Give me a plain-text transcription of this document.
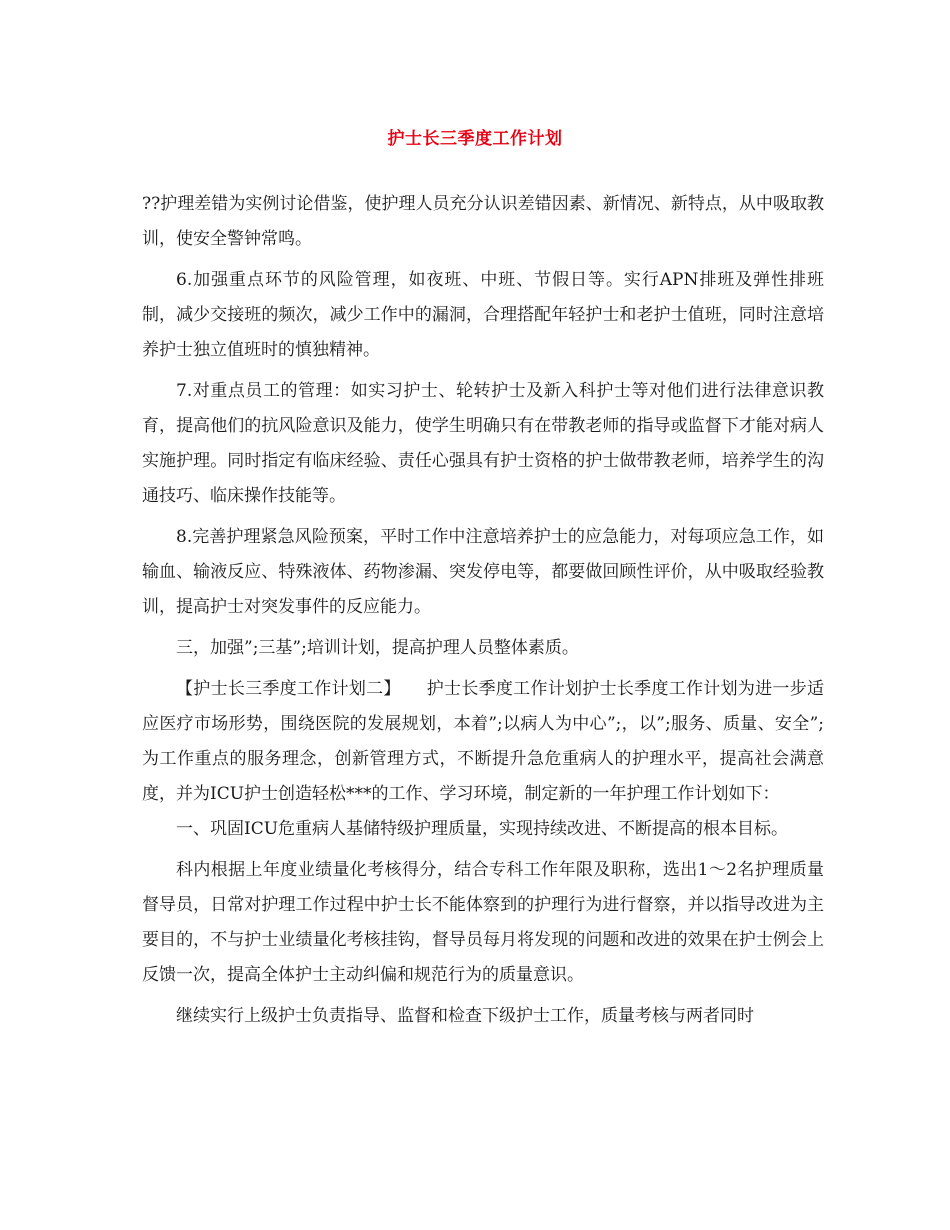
护士长三季度工作计划

??护理差错为实例讨论借鉴，使护理人员充分认识差错因素、新情况、新特点，从中吸取教训，使安全警钟常鸣。

6.加强重点环节的风险管理，如夜班、中班、节假日等。实行APN排班及弹性排班制，减少交接班的频次，减少工作中的漏洞，合理搭配年轻护士和老护士值班，同时注意培养护士独立值班时的慎独精神。

7.对重点员工的管理：如实习护士、轮转护士及新入科护士等对他们进行法律意识教育，提高他们的抗风险意识及能力，使学生明确只有在带教老师的指导或监督下才能对病人实施护理。同时指定有临床经验、责任心强具有护士资格的护士做带教老师，培养学生的沟通技巧、临床操作技能等。

8.完善护理紧急风险预案，平时工作中注意培养护士的应急能力，对每项应急工作，如输血、输液反应、特殊液体、药物渗漏、突发停电等，都要做回顾性评价，从中吸取经验教训，提高护士对突发事件的反应能力。

三，加强”;三基”;培训计划，提高护理人员整体素质。

【护士长三季度工作计划二】　　护士长季度工作计划护士长季度工作计划为进一步适应医疗市场形势，围绕医院的发展规划，本着”;以病人为中心”;，以”;服务、质量、安全”;为工作重点的服务理念，创新管理方式，不断提升急危重病人的护理水平，提高社会满意度，并为ICU护士创造轻松***的工作、学习环境，制定新的一年护理工作计划如下：

一、巩固ICU危重病人基储特级护理质量，实现持续改进、不断提高的根本目标。

科内根据上年度业绩量化考核得分，结合专科工作年限及职称，选出1～2名护理质量督导员，日常对护理工作过程中护士长不能体察到的护理行为进行督察，并以指导改进为主要目的，不与护士业绩量化考核挂钩，督导员每月将发现的问题和改进的效果在护士例会上反馈一次，提高全体护士主动纠偏和规范行为的质量意识。

继续实行上级护士负责指导、监督和检查下级护士工作，质量考核与两者同时
